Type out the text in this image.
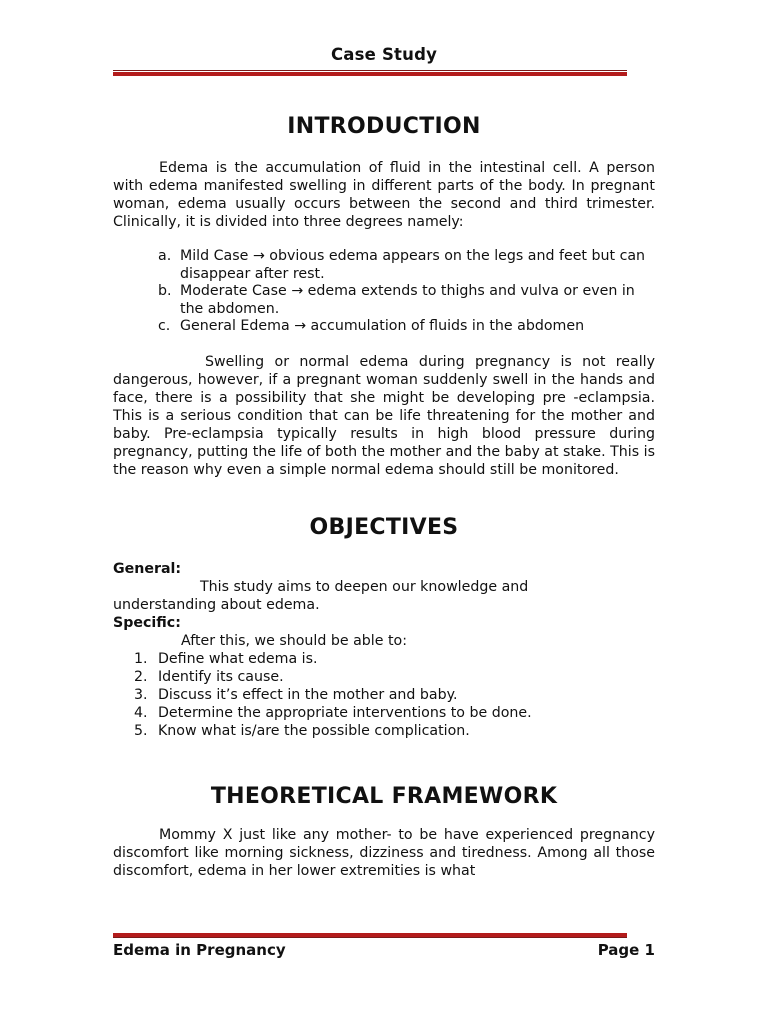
Case Study
INTRODUCTION

Edema is the accumulation of fluid in the intestinal cell. A person with edema manifested swelling in different parts of the body. In pregnant woman, edema usually occurs between the second and third trimester. Clinically, it is divided into three degrees namely:

a. Mild Case → obvious edema appears on the legs and feet but can disappear after rest.
b. Moderate Case → edema extends to thighs and vulva or even in the abdomen.
c. General Edema → accumulation of fluids in the abdomen

Swelling or normal edema during pregnancy is not really dangerous, however, if a pregnant woman suddenly swell in the hands and face, there is a possibility that she might be developing pre -eclampsia. This is a serious condition that can be life threatening for the mother and baby. Pre-eclampsia typically results in high blood pressure during pregnancy, putting the life of both the mother and the baby at stake. This is the reason why even a simple normal edema should still be monitored.

OBJECTIVES
General:

This study aims to deepen our knowledge and understanding about edema.

Specific:

After this, we should be able to:

1. Define what edema is.
2. Identify its cause.
3. Discuss it’s effect in the mother and baby.
4. Determine the appropriate interventions to be done.
5. Know what is/are the possible complication.
THEORETICAL FRAMEWORK

Mommy X just like any mother- to be have experienced pregnancy discomfort like morning sickness, dizziness and tiredness. Among all those discomfort, edema in her lower extremities is what

Edema in Pregnancy	Page 1
